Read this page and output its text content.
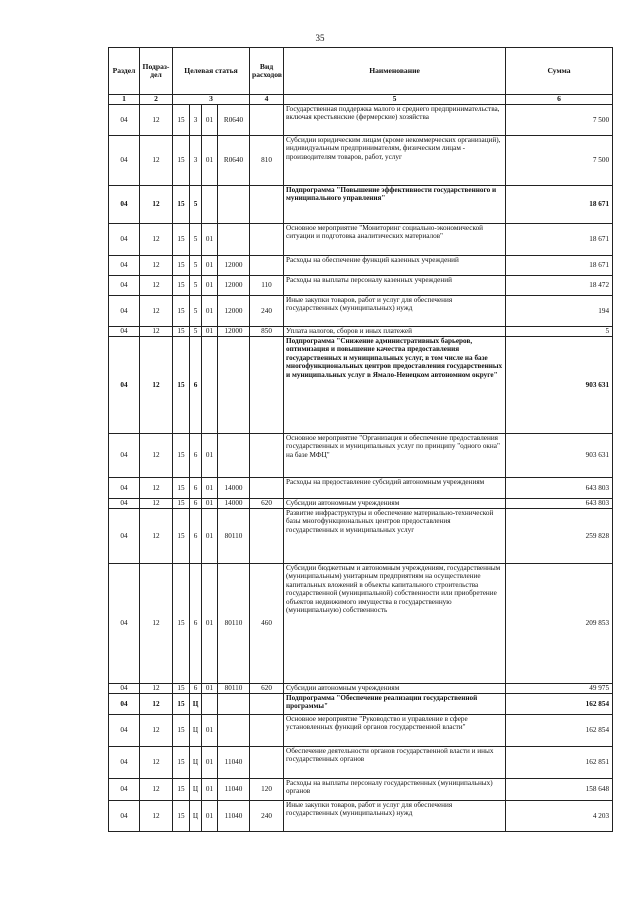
35
Раздел	Подраз-дел	Целевая статья				Вид расходов	Наименование	Сумма
1	2	3				4	5	6
04	12	15	3	01	R0640		Государственная поддержка малого и среднего предпринимательства, включая крестьянские (фермерские) хозяйства	7 500
04	12	15	3	01	R0640	810	Субсидии юридическим лицам (кроме некоммерческих организаций), индивидуальным предпринимателям, физическим лицам - производителям товаров, работ, услуг	7 500
04	12	15	5				Подпрограмма "Повышение эффективности государственного и муниципального управления"	18 671
04	12	15	5	01			Основное мероприятие "Мониторинг социально-экономической ситуации и подготовка аналитических материалов"	18 671
04	12	15	5	01	12000		Расходы на обеспечение функций казенных учреждений	18 671
04	12	15	5	01	12000	110	Расходы на выплаты персоналу казенных учреждений	18 472
04	12	15	5	01	12000	240	Иные закупки товаров, работ и услуг для обеспечения государственных (муниципальных) нужд	194
04	12	15	5	01	12000	850	Уплата налогов, сборов и иных платежей	5
04	12	15	6				Подпрограмма "Снижение административных барьеров, оптимизация и повышение качества предоставления государственных и муниципальных услуг, в том числе на базе многофункциональных центров предоставления государственных и муниципальных услуг в Ямало-Ненецком автономном округе"	903 631
04	12	15	6	01			Основное мероприятие "Организация и обеспечение предоставления государственных и муниципальных услуг по принципу "одного окна" на базе МФЦ"	903 631
04	12	15	6	01	14000		Расходы на предоставление субсидий автономным учреждениям	643 803
04	12	15	6	01	14000	620	Субсидии автономным учреждениям	643 803
04	12	15	6	01	80110		Развитие инфраструктуры и обеспечение материально-технической базы многофункциональных центров предоставления государственных и муниципальных услуг	259 828
04	12	15	6	01	80110	460	Субсидии бюджетным и автономным учреждениям, государственным (муниципальным) унитарным предприятиям на осуществление капитальных вложений в объекты капитального строительства государственной (муниципальной) собственности или приобретение объектов недвижимого имущества в государственную (муниципальную) собственность	209 853
04	12	15	6	01	80110	620	Субсидии автономным учреждениям	49 975
04	12	15	Ц				Подпрограмма "Обеспечение реализации государственной программы"	162 854
04	12	15	Ц	01			Основное мероприятие "Руководство и управление в сфере установленных функций органов государственной власти"	162 854
04	12	15	Ц	01	11040		Обеспечение деятельности органов государственной власти и иных государственных органов	162 851
04	12	15	Ц	01	11040	120	Расходы на выплаты персоналу государственных (муниципальных) органов	158 648
04	12	15	Ц	01	11040	240	Иные закупки товаров, работ и услуг для обеспечения государственных (муниципальных) нужд	4 203
